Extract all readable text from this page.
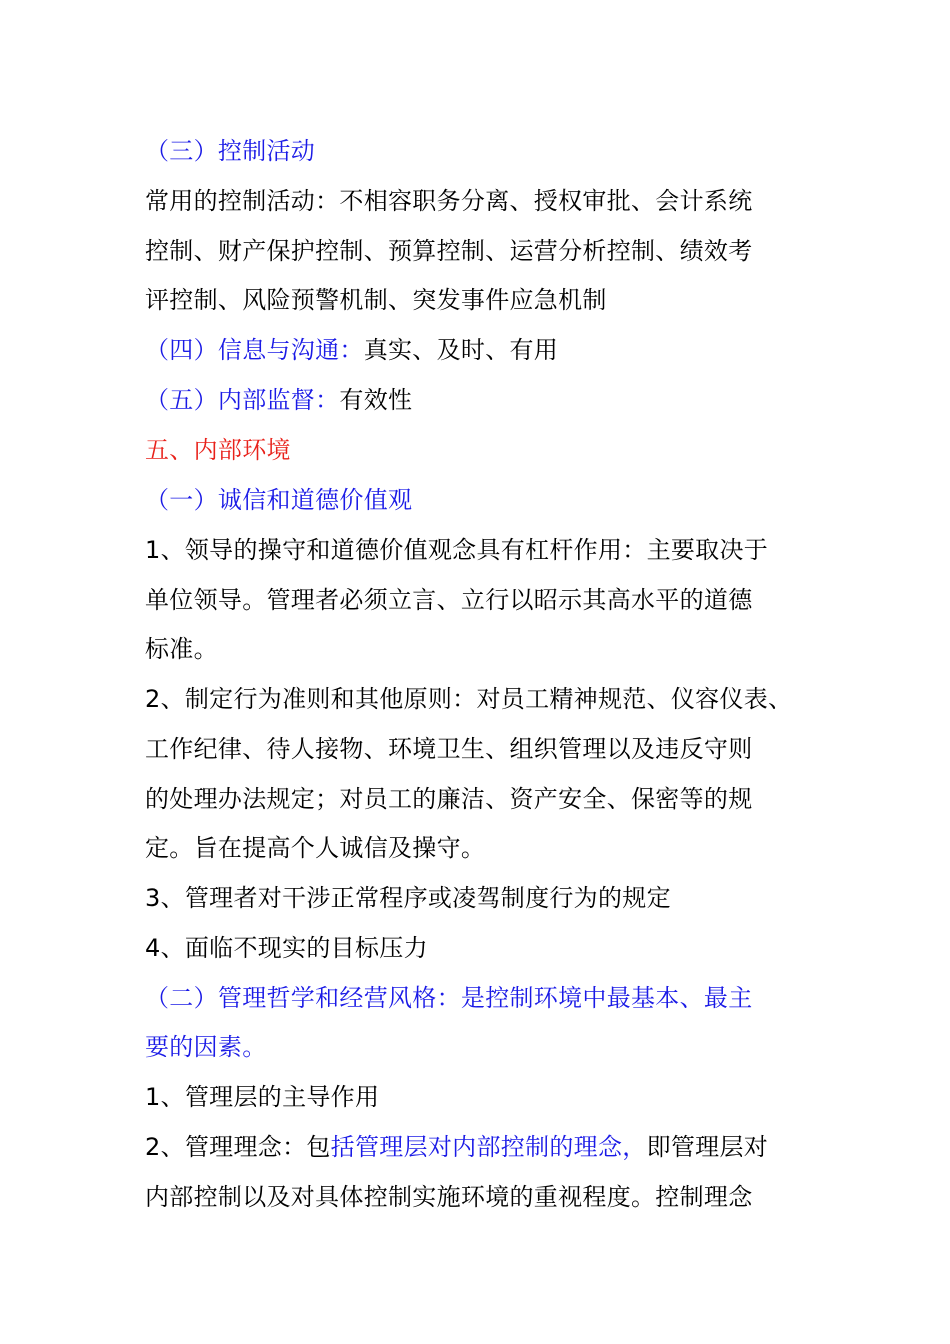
（三）控制活动
常用的控制活动：不相容职务分离、授权审批、会计系统
控制、财产保护控制、预算控制、运营分析控制、绩效考
评控制、风险预警机制、突发事件应急机制
（四）信息与沟通：真实、及时、有用
（五）内部监督：有效性
五、内部环境
（一）诚信和道德价值观
1、领导的操守和道德价值观念具有杠杆作用：主要取决于
单位领导。管理者必须立言、立行以昭示其高水平的道德
标准。
2、制定行为准则和其他原则：对员工精神规范、仪容仪表、
工作纪律、待人接物、环境卫生、组织管理以及违反守则
的处理办法规定；对员工的廉洁、资产安全、保密等的规
定。旨在提高个人诚信及操守。
3、管理者对干涉正常程序或凌驾制度行为的规定
4、面临不现实的目标压力
（二）管理哲学和经营风格：是控制环境中最基本、最主
要的因素。
1、管理层的主导作用
2、管理理念：包括管理层对内部控制的理念，即管理层对
内部控制以及对具体控制实施环境的重视程度。控制理念
